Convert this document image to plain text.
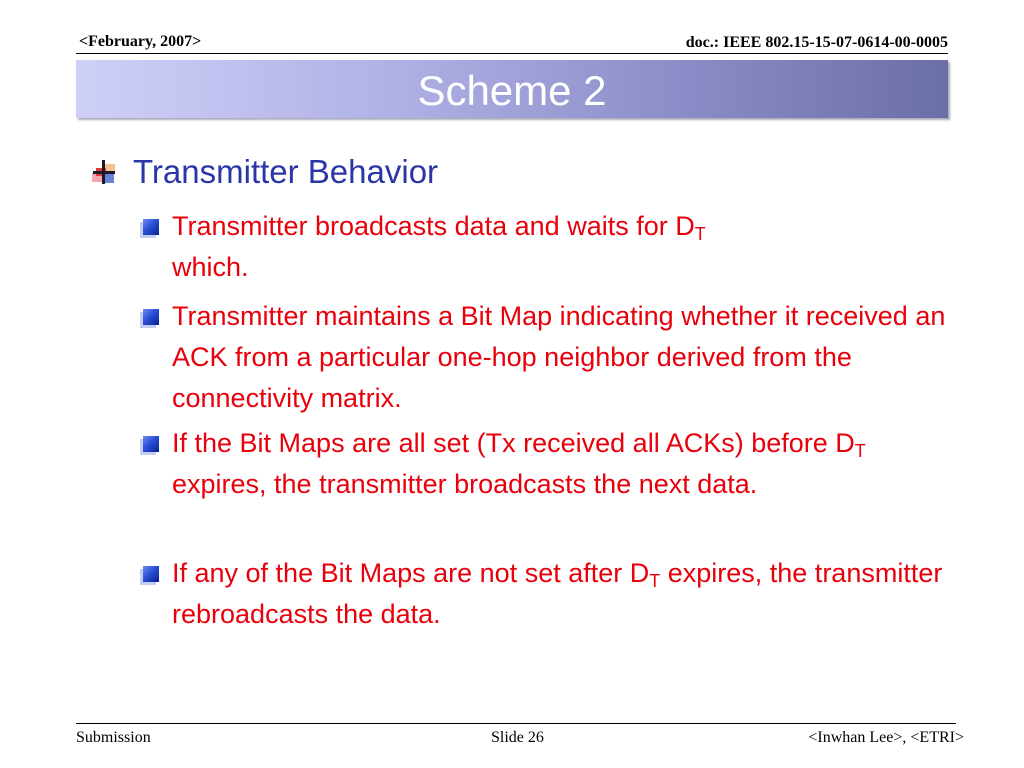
<February, 2007>	doc.: IEEE 802.15-15-07-0614-00-0005
Scheme 2
Transmitter Behavior
Transmitter broadcasts data and waits for $D_T$
which.
Transmitter maintains a Bit Map indicating whether it received an ACK from a particular one-hop neighbor derived from the connectivity matrix.
If the Bit Maps are all set (Tx received all ACKs) before $D_T$ expires, the transmitter broadcasts the next data.
If any of the Bit Maps are not set after $D_T$ expires, the transmitter rebroadcasts the data.
Submission	Slide 26	<Inwhan Lee>, <ETRI>
